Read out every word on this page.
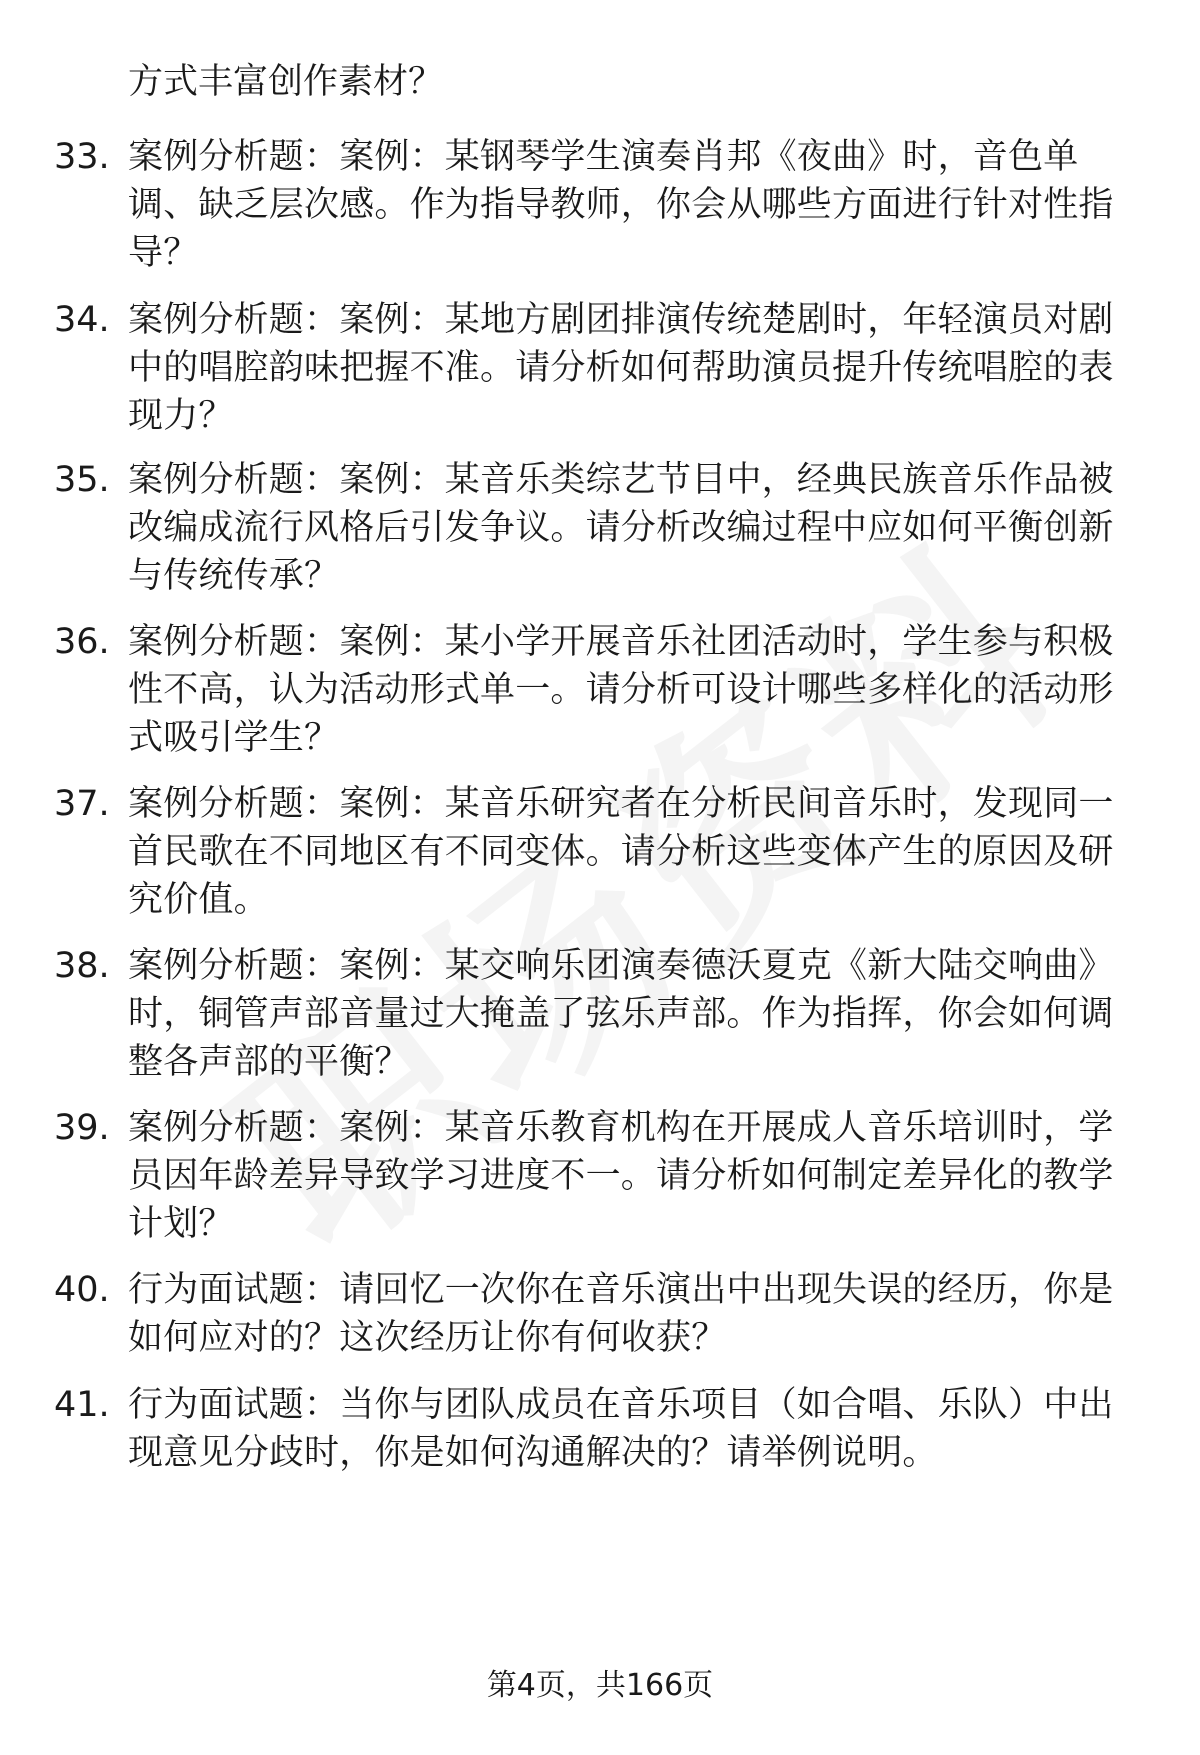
方式丰富创作素材？
33. 案例分析题：案例：某钢琴学生演奏肖邦《夜曲》时，音色单
调、缺乏层次感。作为指导教师，你会从哪些方面进行针对性指
导？
34. 案例分析题：案例：某地方剧团排演传统楚剧时，年轻演员对剧
中的唱腔韵味把握不准。请分析如何帮助演员提升传统唱腔的表
现力？
35. 案例分析题：案例：某音乐类综艺节目中，经典民族音乐作品被
改编成流行风格后引发争议。请分析改编过程中应如何平衡创新
与传统传承？
36. 案例分析题：案例：某小学开展音乐社团活动时，学生参与积极
性不高，认为活动形式单一。请分析可设计哪些多样化的活动形
式吸引学生？
37. 案例分析题：案例：某音乐研究者在分析民间音乐时，发现同一
首民歌在不同地区有不同变体。请分析这些变体产生的原因及研
究价值。
38. 案例分析题：案例：某交响乐团演奏德沃夏克《新大陆交响曲》
时，铜管声部音量过大掩盖了弦乐声部。作为指挥，你会如何调
整各声部的平衡？
39. 案例分析题：案例：某音乐教育机构在开展成人音乐培训时，学
员因年龄差异导致学习进度不一。请分析如何制定差异化的教学
计划？
40. 行为面试题：请回忆一次你在音乐演出中出现失误的经历，你是
如何应对的？这次经历让你有何收获？
41. 行为面试题：当你与团队成员在音乐项目（如合唱、乐队）中出
现意见分歧时，你是如何沟通解决的？请举例说明。
第4页，共166页
